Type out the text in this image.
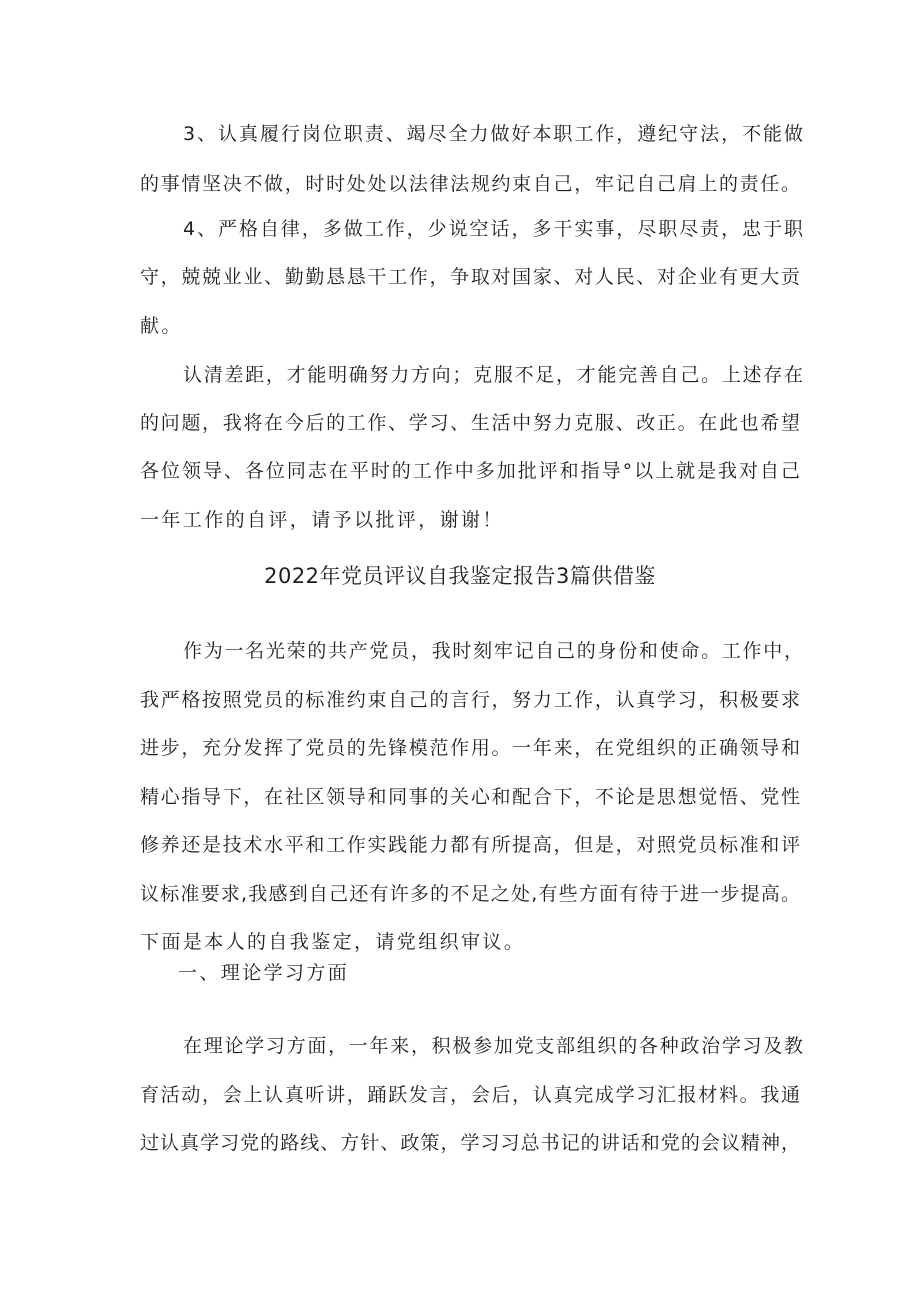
3、认真履行岗位职责、竭尽全力做好本职工作，遵纪守法，不能做
的事情坚决不做，时时处处以法律法规约束自己，牢记自己肩上的责任。
4、严格自律，多做工作，少说空话，多干实事，尽职尽责，忠于职
守，兢兢业业、勤勤恳恳干工作，争取对国家、对人民、对企业有更大贡
献。
认清差距，才能明确努力方向；克服不足，才能完善自己。上述存在
的问题，我将在今后的工作、学习、生活中努力克服、改正。在此也希望
各位领导、各位同志在平时的工作中多加批评和指导°以上就是我对自己
一年工作的自评，请予以批评，谢谢！
2022年党员评议自我鉴定报告3篇供借鉴
作为一名光荣的共产党员，我时刻牢记自己的身份和使命。工作中，
我严格按照党员的标准约束自己的言行，努力工作，认真学习，积极要求
进步，充分发挥了党员的先锋模范作用。一年来，在党组织的正确领导和
精心指导下，在社区领导和同事的关心和配合下，不论是思想觉悟、党性
修养还是技术水平和工作实践能力都有所提高，但是，对照党员标准和评
议标准要求,我感到自己还有许多的不足之处,有些方面有待于进一步提高。
下面是本人的自我鉴定，请党组织审议。
一、理论学习方面
在理论学习方面，一年来，积极参加党支部组织的各种政治学习及教
育活动，会上认真听讲，踊跃发言，会后，认真完成学习汇报材料。我通
过认真学习党的路线、方针、政策，学习习总书记的讲话和党的会议精神，
